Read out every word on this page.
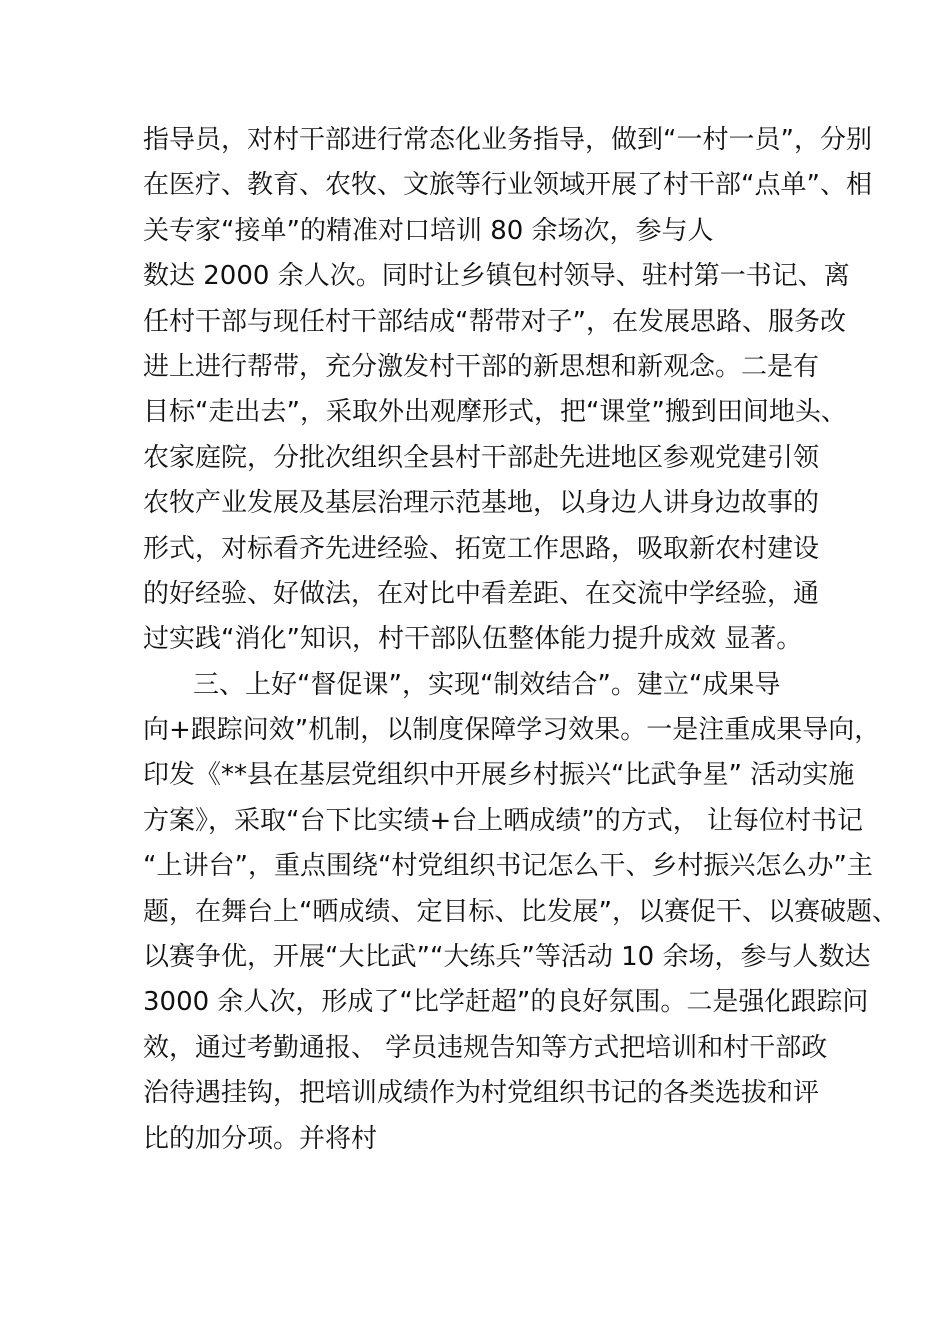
指导员，对村干部进行常态化业务指导，做到“一村一员”，分别
在医疗、教育、农牧、文旅等行业领域开展了村干部“点单”、相
关专家“接单”的精准对口培训 80 余场次，参与人
数达 2000 余人次。同时让乡镇包村领导、驻村第一书记、离
任村干部与现任村干部结成“帮带对子”，在发展思路、服务改
进上进行帮带，充分激发村干部的新思想和新观念。二是有
目标“走出去”，采取外出观摩形式，把“课堂”搬到田间地头、
农家庭院，分批次组织全县村干部赴先进地区参观党建引领
农牧产业发展及基层治理示范基地，以身边人讲身边故事的
形式，对标看齐先进经验、拓宽工作思路，吸取新农村建设
的好经验、好做法，在对比中看差距、在交流中学经验，通
过实践“消化”知识，村干部队伍整体能力提升成效 显著。
三、上好“督促课”，实现“制效结合”。建立“成果导
向+跟踪问效”机制，以制度保障学习效果。一是注重成果导向，
印发《**县在基层党组织中开展乡村振兴“比武争星” 活动实施
方案》，采取“台下比实绩+台上晒成绩”的方式， 让每位村书记
“上讲台”，重点围绕“村党组织书记怎么干、乡村振兴怎么办”主
题，在舞台上“晒成绩、定目标、比发展”，以赛促干、以赛破题、
以赛争优，开展“大比武”“大练兵”等活动 10 余场，参与人数达
3000 余人次，形成了“比学赶超”的良好氛围。二是强化跟踪问
效，通过考勤通报、 学员违规告知等方式把培训和村干部政
治待遇挂钩，把培训成绩作为村党组织书记的各类选拔和评
比的加分项。并将村
